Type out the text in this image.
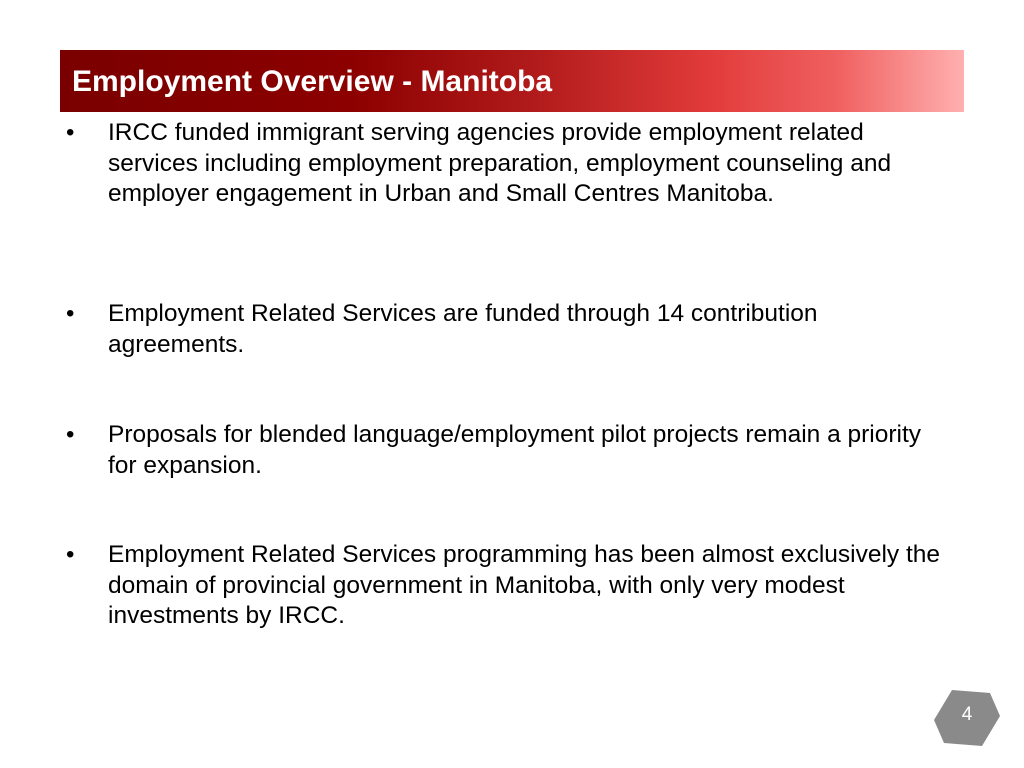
Employment Overview - Manitoba
•	IRCC funded immigrant serving agencies provide employment related services including employment preparation, employment counseling and employer engagement in Urban and Small Centres Manitoba.
•	Employment Related Services are funded through 14 contribution agreements.
•	Proposals for blended language/employment pilot projects remain a priority for expansion.
•	Employment Related Services programming has been almost exclusively the domain of provincial government in Manitoba, with only very modest investments by IRCC.
4
